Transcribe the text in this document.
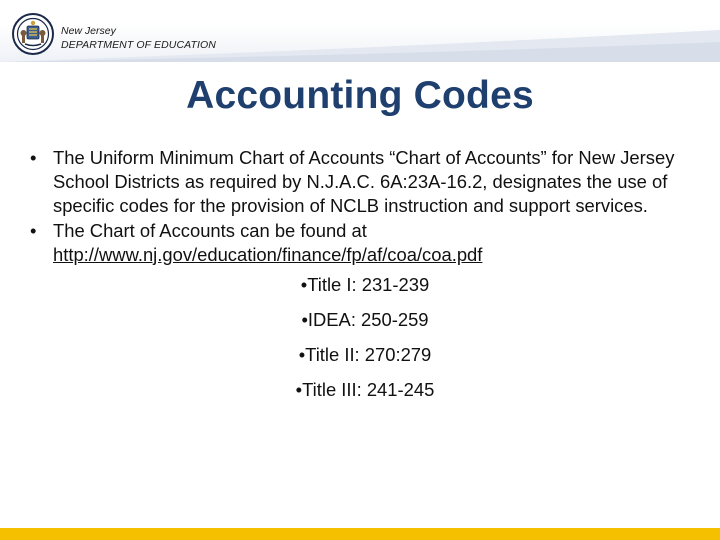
New Jersey
DEPARTMENT OF EDUCATION
Accounting Codes
• The Uniform Minimum Chart of Accounts “Chart of Accounts” for New Jersey School Districts as required by N.J.A.C. 6A:23A-16.2, designates the use of specific codes for the provision of NCLB instruction and support services.
• The Chart of Accounts can be found at
http://www.nj.gov/education/finance/fp/af/coa/coa.pdf
•Title I: 231-239
•IDEA: 250-259
•Title II: 270:279
•Title III: 241-245
